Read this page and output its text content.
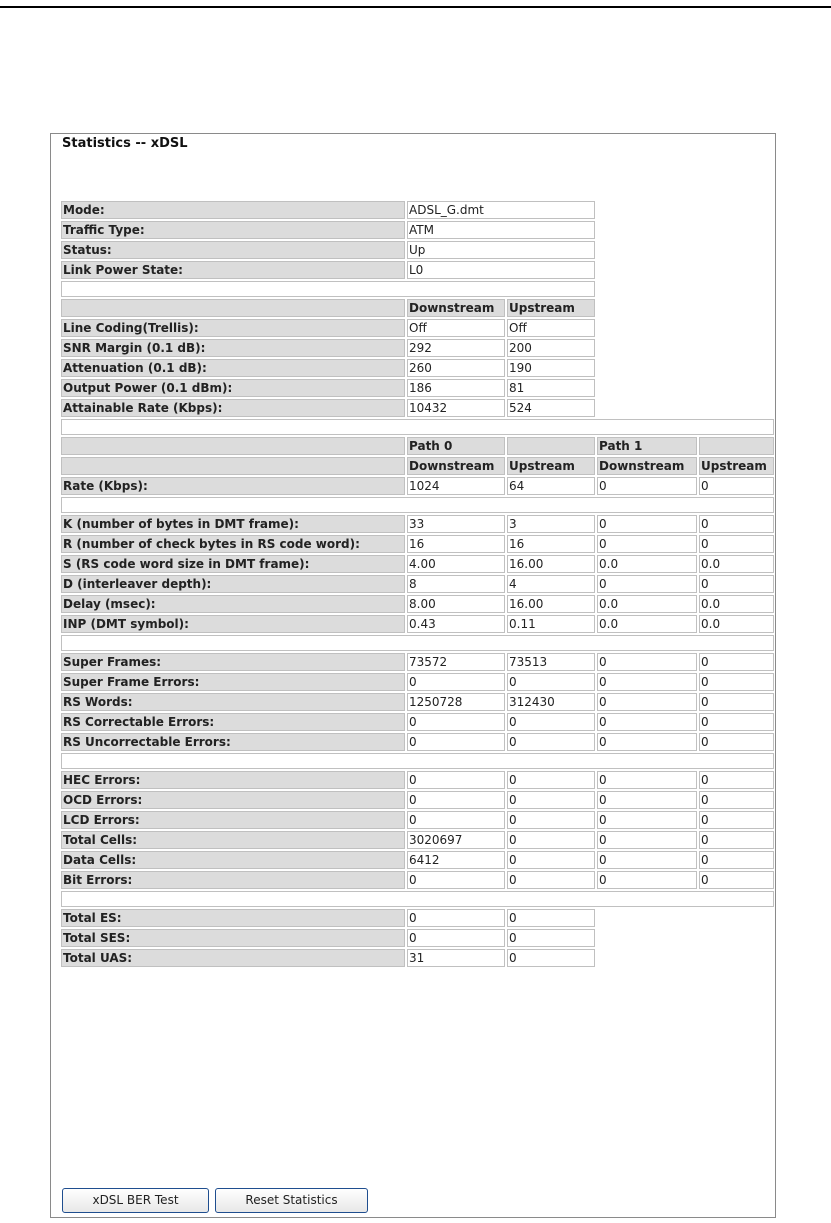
Statistics -- xDSL
Mode:	ADSL_G.dmt			
Traffic Type:	ATM			
Status:	Up			
Link Power State:	L0			

	Downstream	Upstream		
Line Coding(Trellis):	Off	Off		
SNR Margin (0.1 dB):	292	200		
Attenuation (0.1 dB):	260	190		
Output Power (0.1 dBm):	186	81		
Attainable Rate (Kbps):	10432	524		

	Path 0		Path 1	
	Downstream	Upstream	Downstream	Upstream
Rate (Kbps):	1024	64	0	0

K (number of bytes in DMT frame):	33	3	0	0
R (number of check bytes in RS code word):	16	16	0	0
S (RS code word size in DMT frame):	4.00	16.00	0.0	0.0
D (interleaver depth):	8	4	0	0
Delay (msec):	8.00	16.00	0.0	0.0
INP (DMT symbol):	0.43	0.11	0.0	0.0

Super Frames:	73572	73513	0	0
Super Frame Errors:	0	0	0	0
RS Words:	1250728	312430	0	0
RS Correctable Errors:	0	0	0	0
RS Uncorrectable Errors:	0	0	0	0

HEC Errors:	0	0	0	0
OCD Errors:	0	0	0	0
LCD Errors:	0	0	0	0
Total Cells:	3020697	0	0	0
Data Cells:	6412	0	0	0
Bit Errors:	0	0	0	0

Total ES:	0	0		
Total SES:	0	0		
Total UAS:	31	0		
xDSL BER Test	Reset Statistics
